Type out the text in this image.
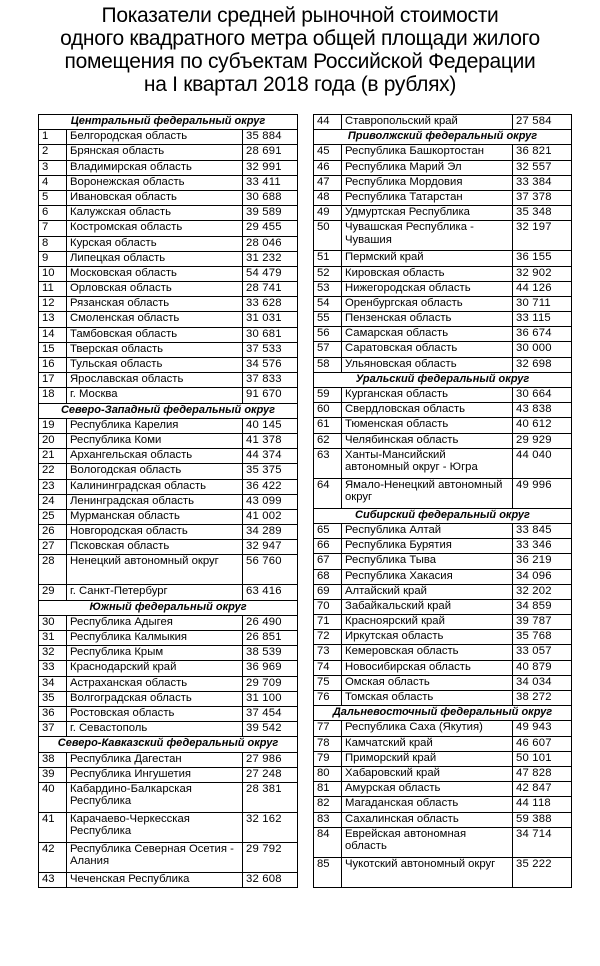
Показатели средней рыночной стоимости
одного квадратного метра общей площади жилого
помещения по субъектам Российской Федерации
на I квартал 2018 года (в рублях)
Центральный федеральный округ		
1	Белгородская область	35 884
2	Брянская область	28 691
3	Владимирская область	32 991
4	Воронежская область	33 411
5	Ивановская область	30 688
6	Калужская область	39 589
7	Костромская область	29 455
8	Курская область	28 046
9	Липецкая область	31 232
10	Московская область	54 479
11	Орловская область	28 741
12	Рязанская область	33 628
13	Смоленская область	31 031
14	Тамбовская область	30 681
15	Тверская область	37 533
16	Тульская область	34 576
17	Ярославская область	37 833
18	г. Москва	91 670
Северо-Западный федеральный округ		
19	Республика Карелия	40 145
20	Республика Коми	41 378
21	Архангельская область	44 374
22	Вологодская область	35 375
23	Калининградская область	36 422
24	Ленинградская область	43 099
25	Мурманская область	41 002
26	Новгородская область	34 289
27	Псковская область	32 947
28	Ненецкий автономный округ	56 760
29	г. Санкт-Петербург	63 416
Южный федеральный округ		
30	Республика Адыгея	26 490
31	Республика Калмыкия	26 851
32	Республика Крым	38 539
33	Краснодарский край	36 969
34	Астраханская область	29 709
35	Волгоградская область	31 100
36	Ростовская область	37 454
37	г. Севастополь	39 542
Северо-Кавказский федеральный округ		
38	Республика Дагестан	27 986
39	Республика Ингушетия	27 248
40	Кабардино-Балкарская Республика	28 381
41	Карачаево-Черкесская Республика	32 162
42	Республика Северная Осетия - Алания	29 792
43	Чеченская Республика	32 608
44	Ставропольский край	27 584
Приволжский федеральный округ		
45	Республика Башкортостан	36 821
46	Республика Марий Эл	32 557
47	Республика Мордовия	33 384
48	Республика Татарстан	37 378
49	Удмуртская Республика	35 348
50	Чувашская Республика - Чувашия	32 197
51	Пермский край	36 155
52	Кировская область	32 902
53	Нижегородская область	44 126
54	Оренбургская область	30 711
55	Пензенская область	33 115
56	Самарская область	36 674
57	Саратовская область	30 000
58	Ульяновская область	32 698
Уральский федеральный округ		
59	Курганская область	30 664
60	Свердловская область	43 838
61	Тюменская область	40 612
62	Челябинская область	29 929
63	Ханты-Мансийский автономный округ - Югра	44 040
64	Ямало-Ненецкий автономный округ	49 996
Сибирский федеральный округ		
65	Республика Алтай	33 845
66	Республика Бурятия	33 346
67	Республика Тыва	36 219
68	Республика Хакасия	34 096
69	Алтайский край	32 202
70	Забайкальский край	34 859
71	Красноярский край	39 787
72	Иркутская область	35 768
73	Кемеровская область	33 057
74	Новосибирская область	40 879
75	Омская область	34 034
76	Томская область	38 272
Дальневосточный федеральный округ		
77	Республика Саха (Якутия)	49 943
78	Камчатский край	46 607
79	Приморский край	50 101
80	Хабаровский край	47 828
81	Амурская область	42 847
82	Магаданская область	44 118
83	Сахалинская область	59 388
84	Еврейская автономная область	34 714
85	Чукотский автономный округ	35 222
